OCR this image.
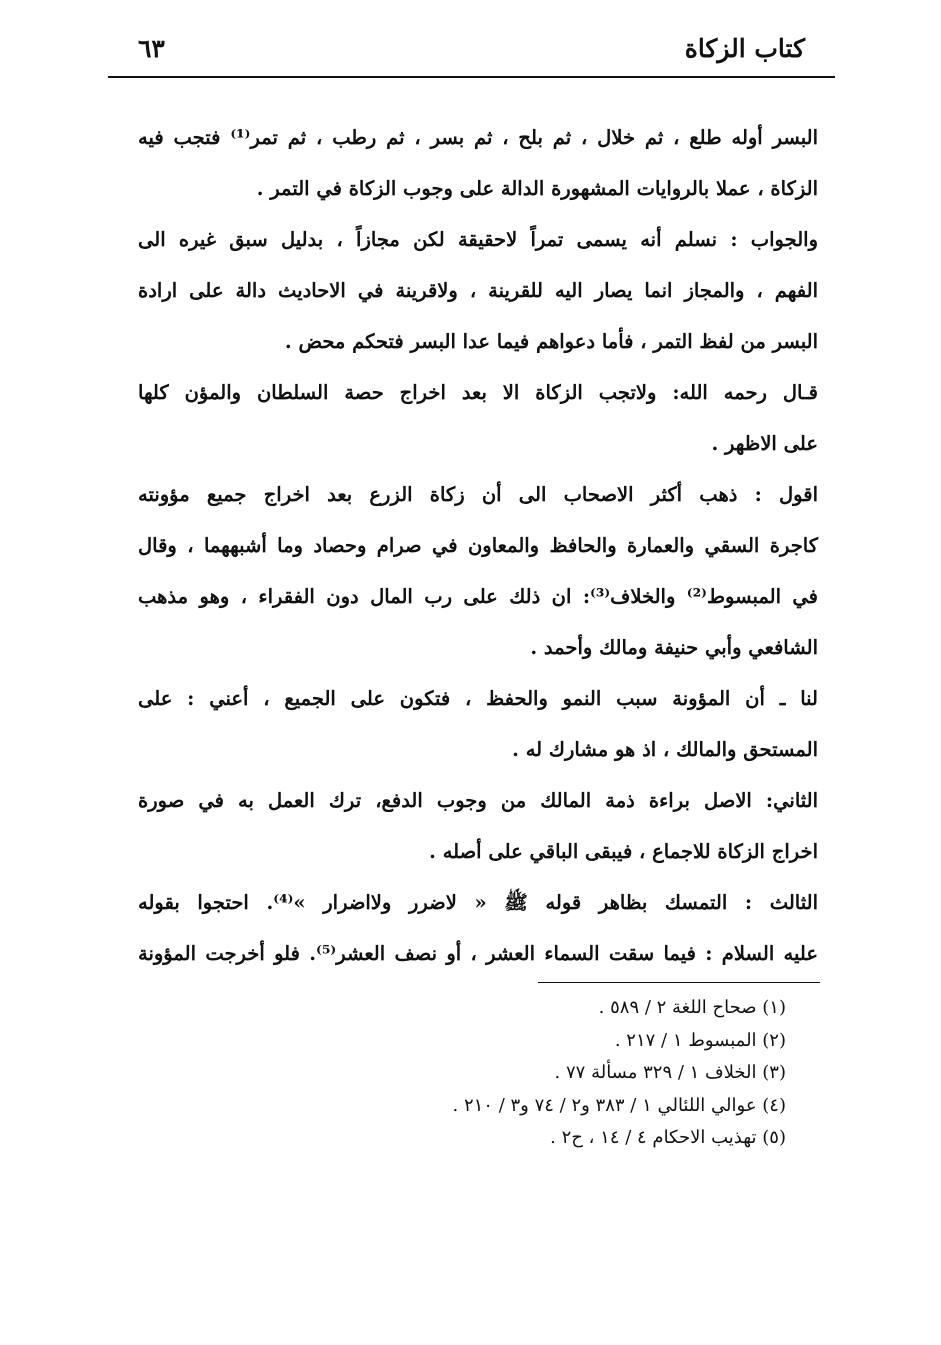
كتاب الزكاة
٦٣
البسر أوله طلع ، ثم خلال ، ثم بلح ، ثم بسر ، ثم رطب ، ثم تمر⁽¹⁾ فتجب فيه
الزكاة ، عملا بالروايات المشهورة الدالة على وجوب الزكاة في التمر .
والجواب : نسلم أنه يسمى تمراً لاحقيقة لكن مجازاً ، بدليل سبق غيره الى
الفهم ، والمجاز انما يصار اليه للقرينة ، ولاقرينة في الاحاديث دالة على ارادة
البسر من لفظ التمر ، فأما دعواهم فيما عدا البسر فتحكم محض .
قـال رحمه الله: ولاتجب الزكاة الا بعد اخراج حصة السلطان والمؤن كلها
على الاظهر .
اقول : ذهب أكثر الاصحاب الى أن زكاة الزرع بعد اخراج جميع مؤونته
كاجرة السقي والعمارة والحافظ والمعاون في صرام وحصاد وما أشبههما ، وقال
في المبسوط⁽²⁾ والخلاف⁽³⁾: ان ذلك على رب المال دون الفقراء ، وهو مذهب
الشافعي وأبي حنيفة ومالك وأحمد .
لنا ـ أن المؤونة سبب النمو والحفظ ، فتكون على الجميع ، أعني : على
المستحق والمالك ، اذ هو مشارك له .
الثاني: الاصل براءة ذمة المالك من وجوب الدفع، ترك العمل به في صورة
اخراج الزكاة للاجماع ، فيبقى الباقي على أصله .
الثالث : التمسك بظاهر قوله ﷺ « لاضرر ولااضرار »⁽⁴⁾. احتجوا بقوله
عليه السلام : فيما سقت السماء العشر ، أو نصف العشر⁽⁵⁾. فلو أخرجت المؤونة
(١) صحاح اللغة ٢ / ٥٨٩ .
(٢) المبسوط ١ / ٢١٧ .
(٣) الخلاف ١ / ٣٢٩ مسألة ٧٧ .
(٤) عوالي اللئالي ١ / ٣٨٣ و٢ / ٧٤ و٣ / ٢١٠ .
(٥) تهذيب الاحكام ٤ / ١٤ ، ح٢ .
